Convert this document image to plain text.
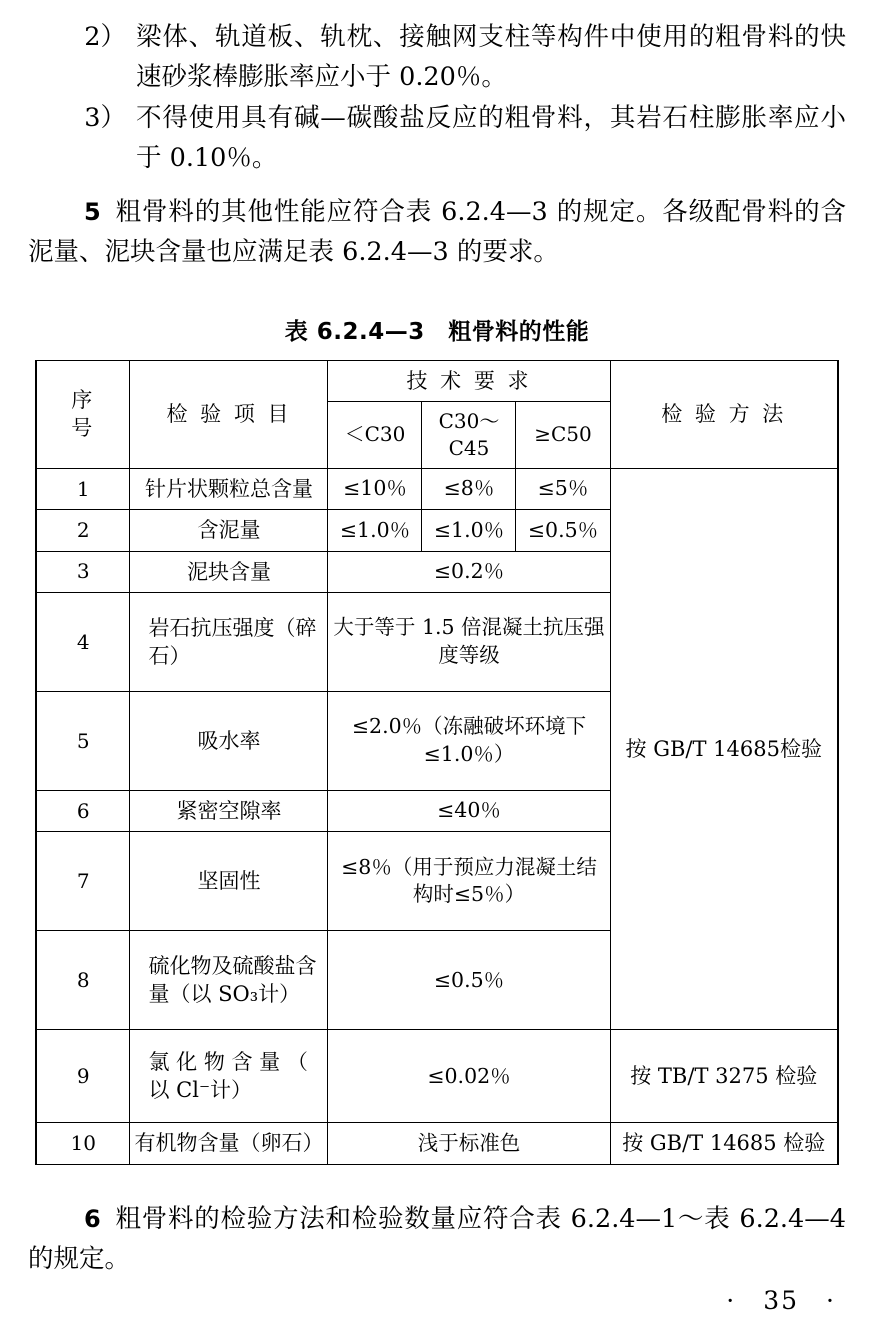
2） 梁体、轨道板、轨枕、接触网支柱等构件中使用的粗骨料的快速砂浆棒膨胀率应小于 0.20％。
3） 不得使用具有碱—碳酸盐反应的粗骨料，其岩石柱膨胀率应小于 0.10％。

5 粗骨料的其他性能应符合表 6.2.4—3 的规定。各级配骨料的含泥量、泥块含量也应满足表 6.2.4—3 的要求。

表 6.2.4—3　粗骨料的性能
序　　号	检 验 项 目	技 术 要 求			检 验 方 法
		＜C30	C30～C45	≥C50	
1	针片状颗粒总含量	≤10％	≤8％	≤5％	按 GB/T 14685检验
2	含泥量	≤1.0％	≤1.0％	≤0.5％	
3	泥块含量	≤0.2％			
4	岩石抗压强度（碎石）	大于等于 1.5 倍混凝土抗压强度等级			
5	吸水率	≤2.0％（冻融破坏环境下≤1.0％）			
6	紧密空隙率	≤40％			
7	坚固性	≤8％（用于预应力混凝土结构时≤5％）			
8	硫化物及硫酸盐含量（以 SO₃计）	≤0.5％			
9	氯 化 物 含 量 （ 以 Cl⁻计）	≤0.02％			按 TB/T 3275 检验
10	有机物含量（卵石）	浅于标准色			按 GB/T 14685 检验

6 粗骨料的检验方法和检验数量应符合表 6.2.4—1～表 6.2.4—4 的规定。

·　35　·
